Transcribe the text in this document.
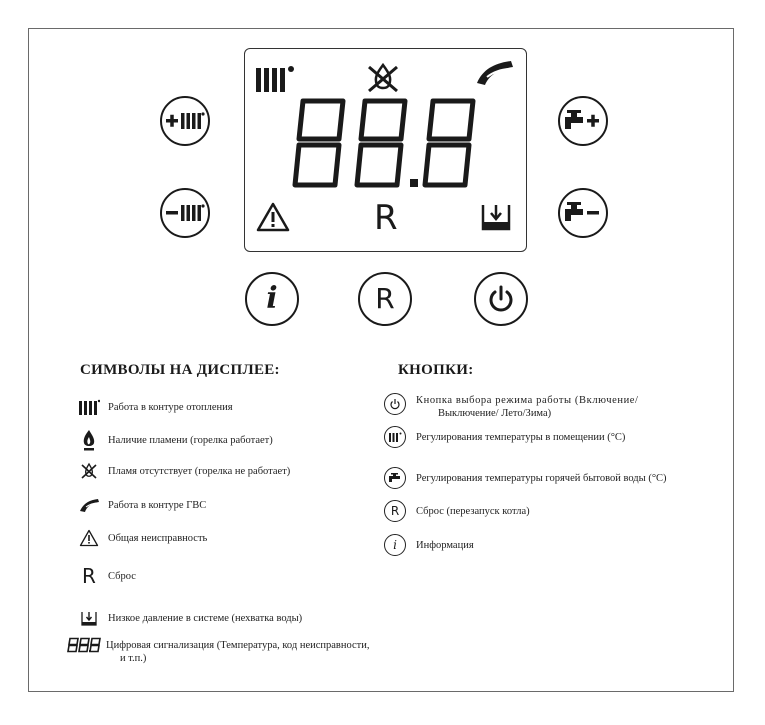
R
i	R
СИМВОЛЫ НА ДИСПЛЕЕ:
Работа в контуре отопления
Наличие пламени (горелка работает)
Пламя отсутствует (горелка не работает)
Работа в контуре ГВС
Общая неисправность
R Сброс
Низкое давление в системе (нехватка воды)
Цифровая сигнализация (Температура, код неисправности,
и т.п.)
КНОПКИ:
Кнопка выбора режима работы (Включение/
Выключение/ Лето/Зима)
Регулирования температуры в помещении (°C)
Регулирования температуры горячей бытовой воды (°C)
R Сброс (перезапуск котла)
i Информация
